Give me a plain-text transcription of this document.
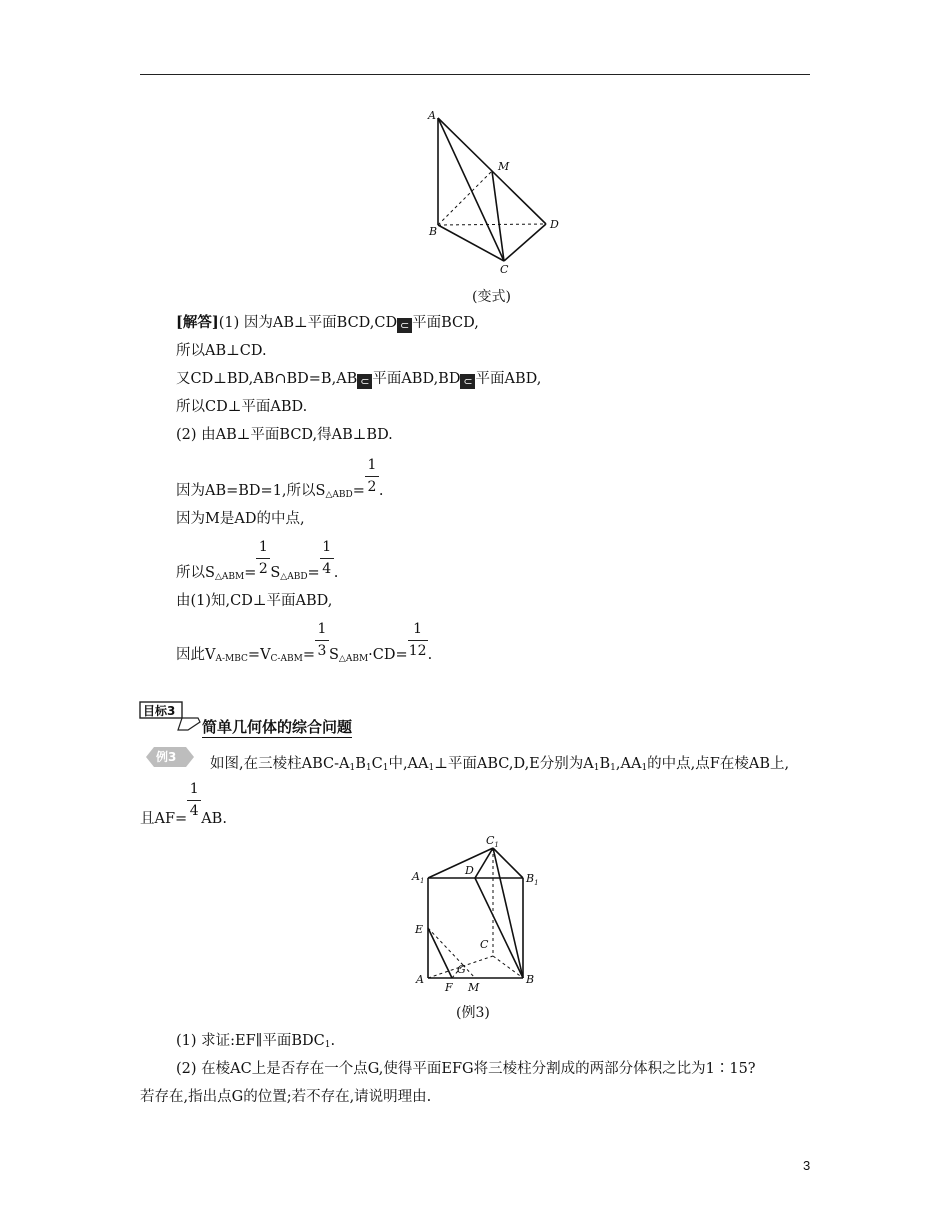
A
M
B
D
C
(变式)
[解答](1) 因为AB⊥平面BCD,CD ⊂ 平面BCD,
所以AB⊥CD.
又CD⊥BD,AB∩BD=B,AB ⊂ 平面ABD,BD ⊂ 平面ABD,
所以CD⊥平面ABD.
(2) 由AB⊥平面BCD,得AB⊥BD.
因为AB=BD=1,所以$S_{\triangle ABD}= \frac{1}{2}$ .
因为M是AD的中点,
所以$S_{\triangle ABM}= \frac{1}{2} S_{\triangle ABD}= \frac{1}{4}$ .
由(1)知,CD⊥平面ABD,
因此$V_{A-MBC}=V_{C-ABM}= \frac{1}{3} S_{\triangle ABM}\cdot CD= \frac{1}{12}$ .
目标3
简单几何体的综合问题
例3 如图,在三棱柱ABC-$A_1B_1C_1$中$,AA_1\perp$平面ABC,D,E分别为$A_1B_1,AA_1$的中点,点F在棱AB上,
且$AF= \frac{1}{4}$ AB.
$C_1$
$A_1$
D
$B_1$
E
C
G
A	B
F M
(例3)
(1) 求证:EF∥平面$BDC_1$.
(2) 在棱AC上是否存在一个点G,使得平面EFG将三棱柱分割成的两部分体积之比为1∶15?
若存在,指出点G的位置;若不存在,请说明理由.
3
